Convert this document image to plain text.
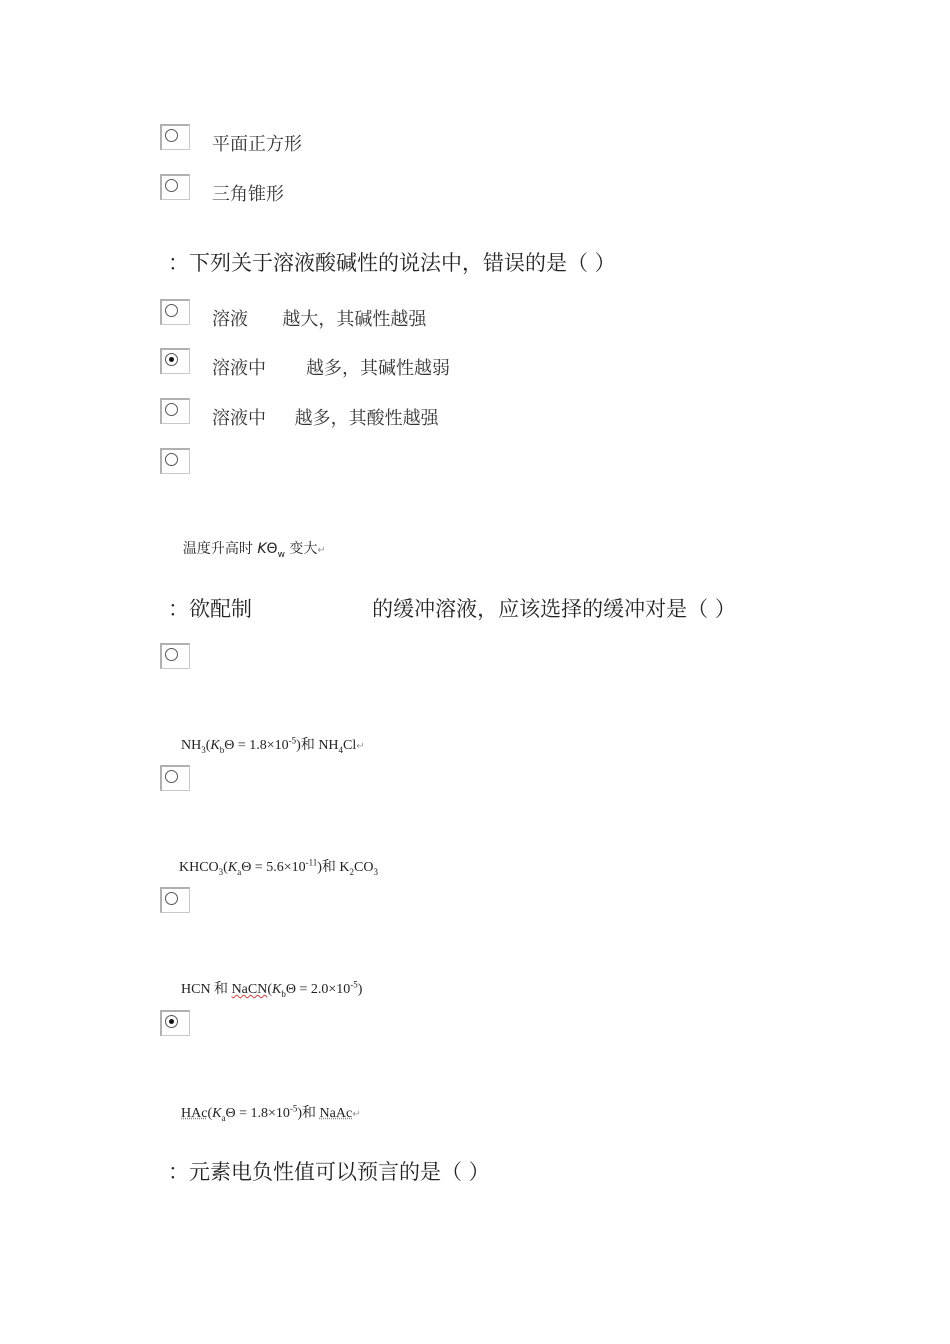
平面正方形
三角锥形
：下列关于溶液酸碱性的说法中，错误的是（ ）
溶液      越大，其碱性越强
溶液中       越多，其碱性越弱
溶液中     越多，其酸性越强

温度升高时 $K\Theta_w$ 变大↵

：欲配制                  的缓冲溶液，应该选择的缓冲对是（ ）

$NH_3(K_b\Theta = 1.8\times 10^{-5})$和 $NH_4Cl↵$

$KHCO_3(K_a\Theta = 5.6\times 10^{-11})$和 $K_2CO_3$

HCN 和 $NaCN(K_b\Theta = 2.0\times 10^{-5})$

$HAc(K_a\Theta = 1.8\times 10^{-5})$和 NaAc↵

：元素电负性值可以预言的是（ ）
